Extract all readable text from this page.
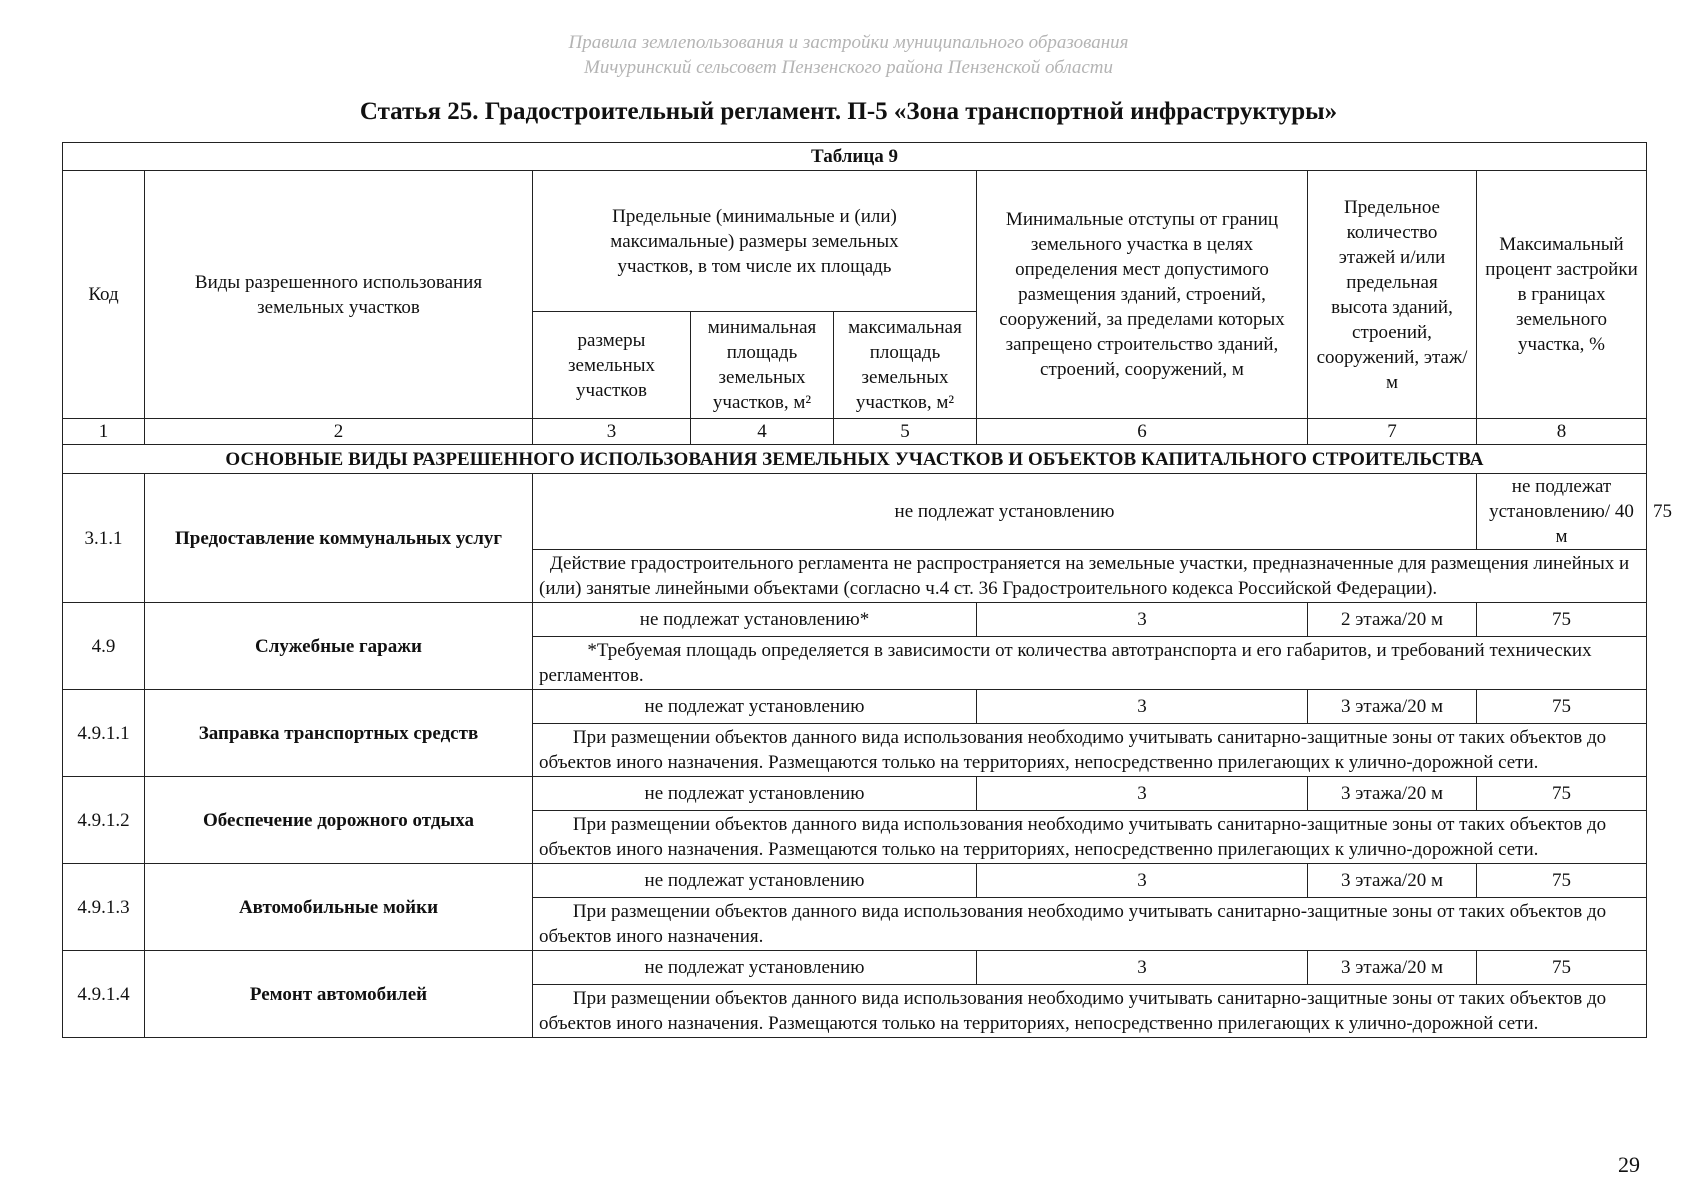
Правила землепользования и застройки муниципального образования
Мичуринский сельсовет Пензенского района Пензенской области
Статья 25. Градостроительный регламент. П-5 «Зона транспортной инфраструктуры»
Таблица 9								
Код	Виды разрешенного использования земельных участков	Предельные (минимальные и (или) максимальные) размеры земельных участков, в том числе их площадь			Минимальные отступы от границ земельного участка в целях определения мест допустимого размещения зданий, строений, сооружений, за пределами которых запрещено строительство зданий, строений, сооружений, м	Предельное количество этажей и/или предельная высота зданий, строений, сооружений, этаж/м	Максимальный процент застройки в границах земельного участка, %	
		размеры земельных участков	минимальная площадь земельных участков, м²	максимальная площадь земельных участков, м²				
1	2	3	4	5	6	7	8	
ОСНОВНЫЕ ВИДЫ РАЗРЕШЕННОГО ИСПОЛЬЗОВАНИЯ ЗЕМЕЛЬНЫХ УЧАСТКОВ И ОБЪЕКТОВ КАПИТАЛЬНОГО СТРОИТЕЛЬСТВА								
3.1.1	Предоставление коммунальных услуг	не подлежат установлению					не подлежат установлению/ 40 м	75
		Действие градостроительного регламента не распространяется на земельные участки, предназначенные для размещения линейных и (или) занятые линейными объектами (согласно ч.4 ст. 36 Градостроительного кодекса Российской Федерации).						
4.9	Служебные гаражи	не подлежат установлению*			3	2 этажа/20 м	75	
		*Требуемая площадь определяется в зависимости от количества автотранспорта и его габаритов, и требований технических регламентов.						
4.9.1.1	Заправка транспортных средств	не подлежат установлению			3	3 этажа/20 м	75	
		При размещении объектов данного вида использования необходимо учитывать санитарно-защитные зоны от таких объектов до объектов иного назначения. Размещаются только на территориях, непосредственно прилегающих к улично-дорожной сети.						
4.9.1.2	Обеспечение дорожного отдыха	не подлежат установлению			3	3 этажа/20 м	75	
		При размещении объектов данного вида использования необходимо учитывать санитарно-защитные зоны от таких объектов до объектов иного назначения. Размещаются только на территориях, непосредственно прилегающих к улично-дорожной сети.						
4.9.1.3	Автомобильные мойки	не подлежат установлению			3	3 этажа/20 м	75	
		При размещении объектов данного вида использования необходимо учитывать санитарно-защитные зоны от таких объектов до объектов иного назначения.						
4.9.1.4	Ремонт автомобилей	не подлежат установлению			3	3 этажа/20 м	75	
		При размещении объектов данного вида использования необходимо учитывать санитарно-защитные зоны от таких объектов до объектов иного назначения. Размещаются только на территориях, непосредственно прилегающих к улично-дорожной сети.						
29
